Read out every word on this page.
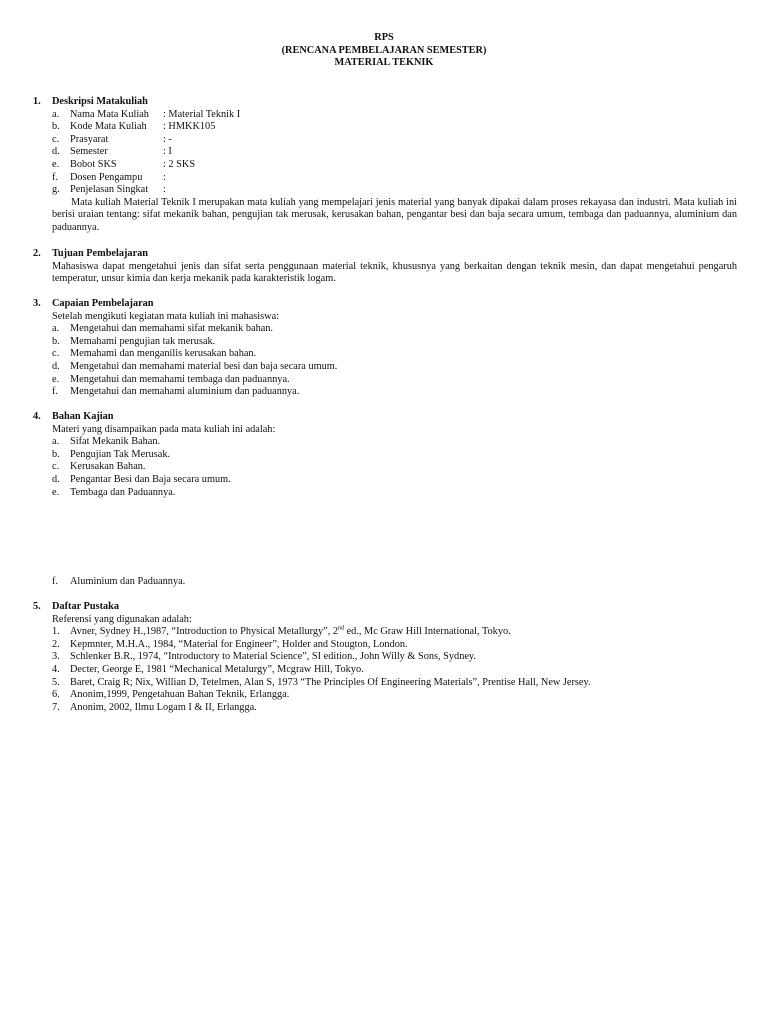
RPS
(RENCANA PEMBELAJARAN SEMESTER)
MATERIAL TEKNIK
1.	Deskripsi Matakuliah
a.	Nama Mata Kuliah	: Material Teknik I
b. Kode Mata Kuliah	: HMKK105
c.	Prasyarat	: -
d. Semester	: I
e.	Bobot SKS	: 2 SKS
f.	Dosen Pengampu	:
g. Penjelasan Singkat	:
Mata kuliah Material Teknik I merupakan mata kuliah yang mempelajari jenis material yang banyak dipakai dalam proses rekayasa dan industri. Mata kuliah ini berisi uraian tentang: sifat mekanik bahan, pengujian tak merusak, kerusakan bahan, pengantar besi dan baja secara umum, tembaga dan paduannya, aluminium dan paduannya.
2.	Tujuan Pembelajaran
Mahasiswa dapat mengetahui jenis dan sifat serta penggunaan material teknik, khususnya yang berkaitan dengan teknik mesin, dan dapat mengetahui pengaruh temperatur, unsur kimia dan kerja mekanik pada karakteristik logam.
3.	Capaian Pembelajaran
Setelah mengikuti kegiatan mata kuliah ini mahasiswa:
a.	Mengetahui dan memahami sifat mekanik bahan.
b. Memahami pengujian tak merusak.
c.	Memahami dan menganilis kerusakan bahan.
d. Mengetahui dan memahami material besi dan baja secara umum.
e.	Mengetahui dan memahami tembaga dan paduannya.
f.	Mengetahui dan memahami aluminium dan paduannya.
4.	Bahan Kajian
Materi yang disampaikan pada mata kuliah ini adalah:
a.	Sifat Mekanik Bahan.
b. Pengujian Tak Merusak.
c.	Kerusakan Bahan.
d. Pengantar Besi dan Baja secara umum.
e.	Tembaga dan Paduannya.
f.	Aluminium dan Paduannya.
5.	Daftar Pustaka
Referensi yang digunakan adalah:
1. Avner, Sydney H.,1987, “Introduction to Physical Metallurgy”, 2nd ed., Mc Graw Hill International, Tokyo.
2. Kepmnter, M.H.A., 1984, “Material for Engineer”, Holder and Stougton, London.
3. Schlenker B.R., 1974, “Introductory to Material Science”, SI edition., John Willy & Sons, Sydney.
4. Decter, George E, 1981 “Mechanical Metalurgy”, Mcgraw Hill, Tokyo.
5. Baret, Craig R; Nix, Willian D, Tetelmen, Alan S, 1973 “The Principles Of Engineering Materials”, Prentise Hall, New Jersey.
6. Anonim,1999, Pengetahuan Bahan Teknik, Erlangga.
7. Anonim, 2002, Ilmu Logam I & II, Erlangga.
